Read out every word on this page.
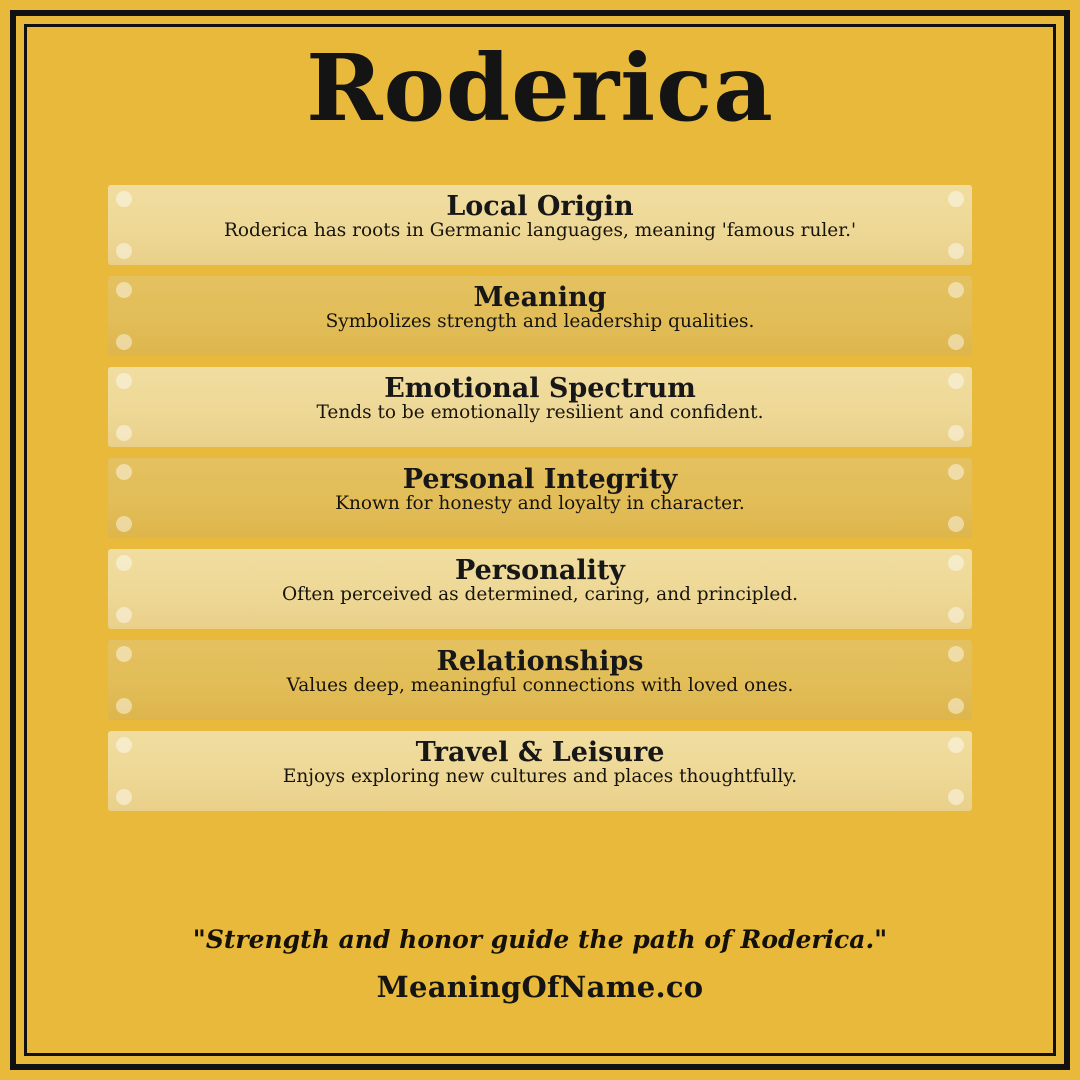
Roderica
Local Origin
Roderica has roots in Germanic languages, meaning 'famous ruler.'
Meaning
Symbolizes strength and leadership qualities.
Emotional Spectrum
Tends to be emotionally resilient and confident.
Personal Integrity
Known for honesty and loyalty in character.
Personality
Often perceived as determined, caring, and principled.
Relationships
Values deep, meaningful connections with loved ones.
Travel & Leisure
Enjoys exploring new cultures and places thoughtfully.
"Strength and honor guide the path of Roderica."
MeaningOfName.co
